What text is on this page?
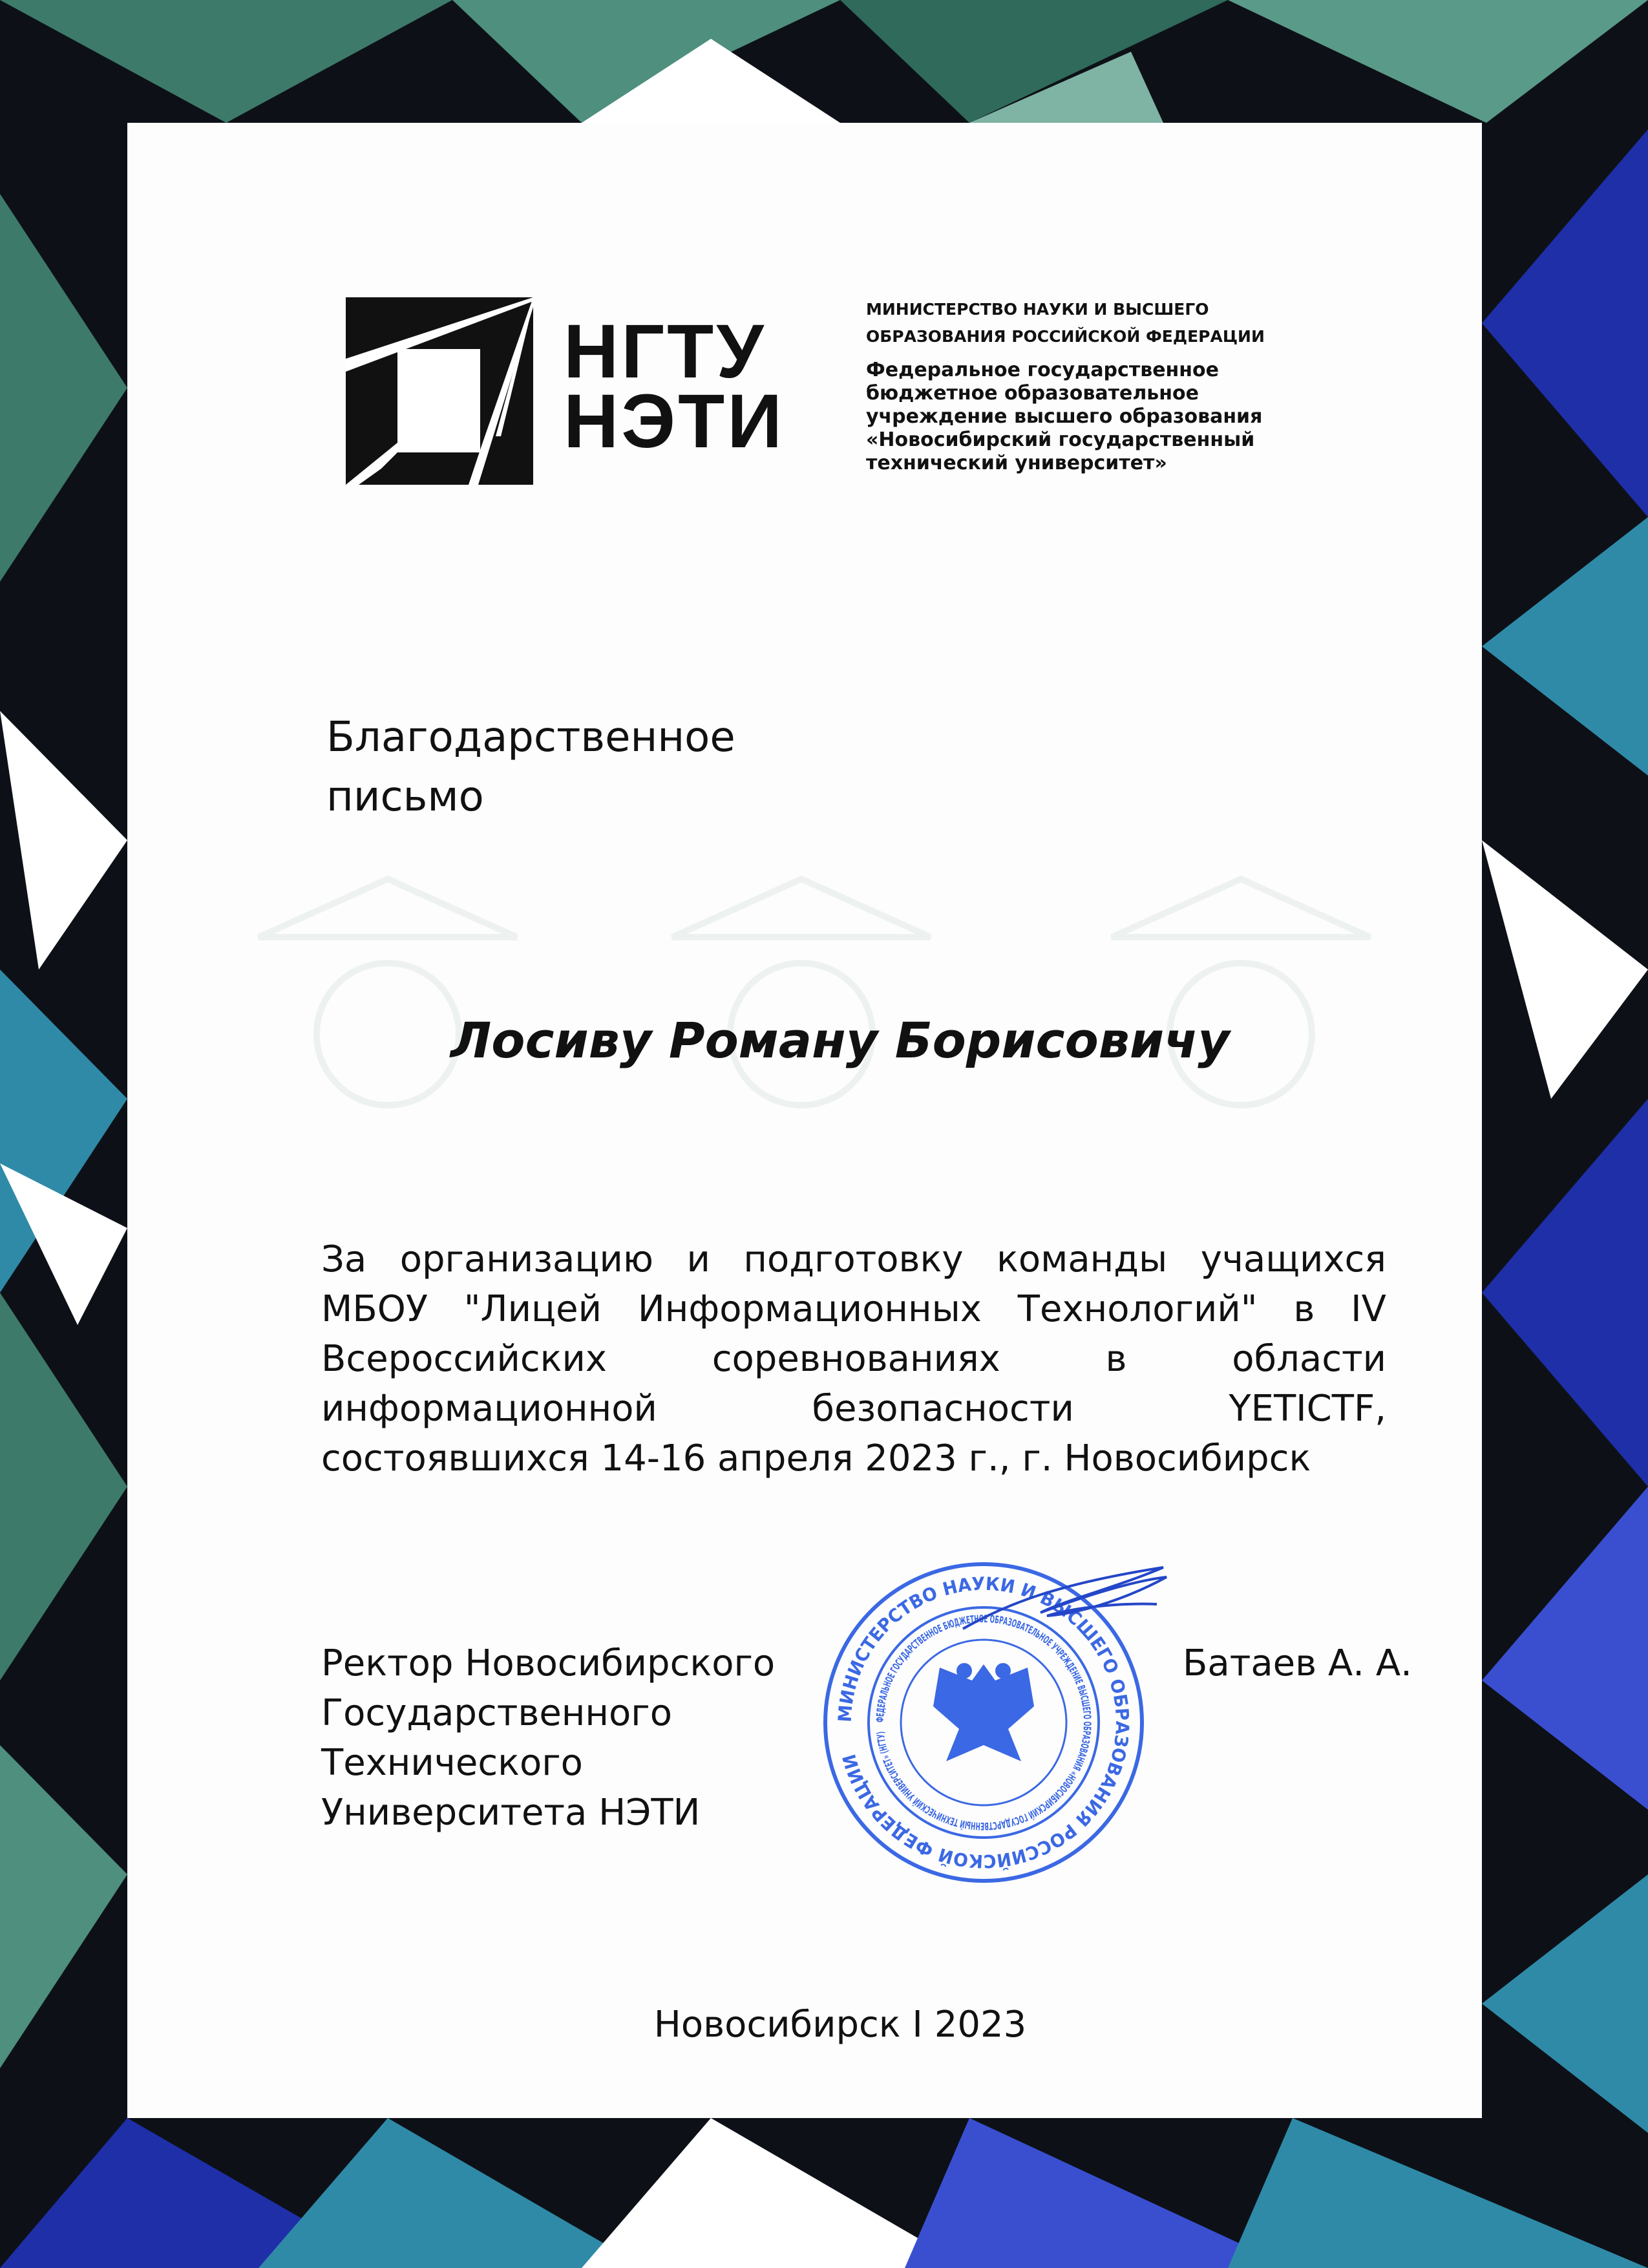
НГТУ
НЭТИ
МИНИСТЕРСТВО НАУКИ И ВЫСШЕГО
ОБРАЗОВАНИЯ РОССИЙСКОЙ ФЕДЕРАЦИИ
Федеральное государственное
бюджетное образовательное
учреждение высшего образования
«Новосибирский государственный
технический университет»
Благодарственное
письмо
Лосиву Роману Борисовичу
За организацию и подготовку команды учащихся
МБОУ "Лицей Информационных Технологий" в IV
Всероссийских соревнованиях в области
информационной безопасности YETICTF,
состоявшихся 14-16 апреля 2023 г., г. Новосибирск
Ректор Новосибирского
Государственного
Технического
Университета НЭТИ
Батаев А. А.
МИНИСТЕРСТВО НАУКИ И ВЫСШЕГО ОБРАЗОВАНИЯ РОССИЙСКОЙ ФЕДЕРАЦИИ
ФЕДЕРАЛЬНОЕ ГОСУДАРСТВЕННОЕ БЮДЖЕТНОЕ ОБРАЗОВАТЕЛЬНОЕ УЧРЕЖДЕНИЕ ВЫСШЕГО ОБРАЗОВАНИЯ «НОВОСИБИРСКИЙ ГОСУДАРСТВЕННЫЙ ТЕХНИЧЕСКИЙ УНИВЕРСИТЕТ» (НГТУ)
Новосибирск I 2023
